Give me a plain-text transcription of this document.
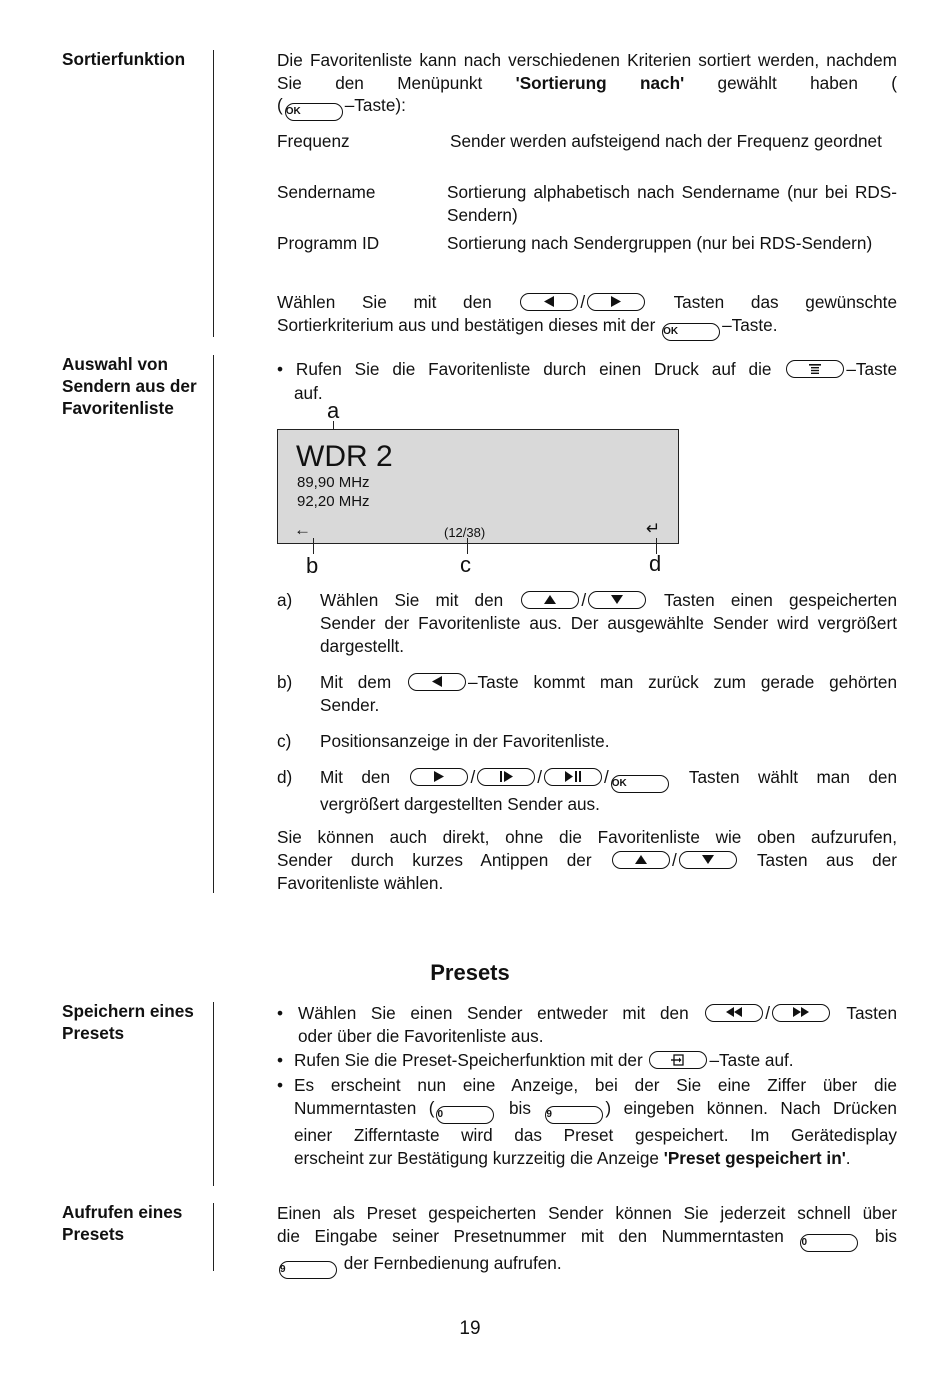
Sortierfunktion	Die Favoritenliste kann nach verschiedenen Kriterien sortiert werden, nachdem Sie den Menüpunkt 'Sortierung nach' gewählt haben (
( OK	–Taste):
Frequenz	Sender werden aufsteigend nach der Frequenz geordnet
Sendername	Sortierung alphabetisch nach Sendername (nur bei RDS-Sendern)
Programm ID	Sortierung nach Sendergruppen (nur bei RDS-Sendern)
Wählen Sie mit den	/	Tasten das gewünschte
Sortierkriterium aus und bestätigen dieses mit der OK	–Taste.
Auswahl von Sendern aus der Favoritenliste
• Rufen Sie die Favoritenliste durch einen Druck auf die	–Taste
auf.
a
WDR 2
89,90 MHz
92,20 MHz
←	(12/38)	↵
b	c	d
a) Wählen Sie mit den	/	Tasten einen gespeicherten
Sender der Favoritenliste aus. Der ausgewählte Sender wird vergrößert dargestellt.
b) Mit dem	–Taste kommt man zurück zum gerade gehörten
Sender.
c) Positionsanzeige in der Favoritenliste.
d) Mit den	/	/	/ OK	Tasten wählt man den
vergrößert dargestellten Sender aus.
Sie können auch direkt, ohne die Favoritenliste wie oben aufzurufen,
Sender durch kurzes Antippen der	/	Tasten aus der
Favoritenliste wählen.
Presets
Speichern eines Presets
• Wählen Sie einen Sender entweder mit den	/	Tasten
oder über die Favoritenliste aus.
• Rufen Sie die Preset-Speicherfunktion mit der	–Taste auf.
• Es erscheint nun eine Anzeige, bei der Sie eine Ziffer über die
Nummerntasten ( 0	bis 9	) eingeben können. Nach Drücken
einer Zifferntaste wird das Preset gespeichert. Im Gerätedisplay
erscheint zur Bestätigung kurzzeitig die Anzeige 'Preset gespeichert in'.
Aufrufen eines Presets
Einen als Preset gespeicherten Sender können Sie jederzeit schnell über
die Eingabe seiner Presetnummer mit den Nummerntasten 0	bis
9	der Fernbedienung aufrufen.
19
